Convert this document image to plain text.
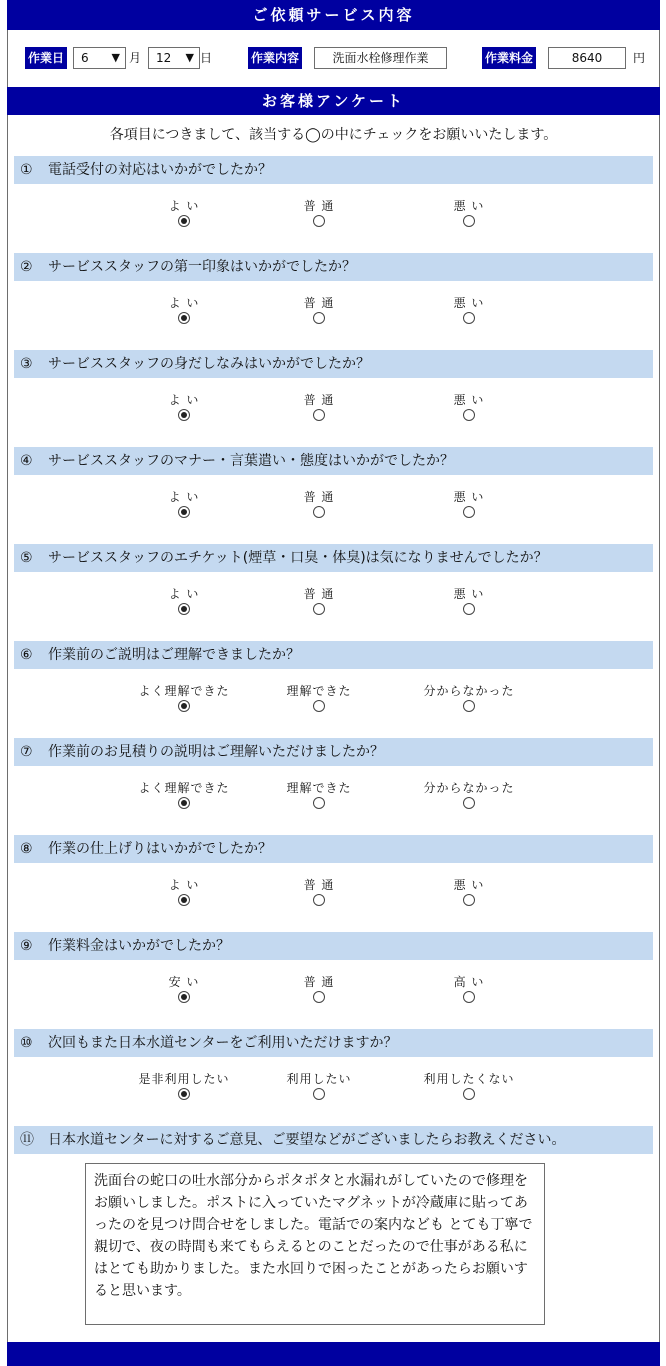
ご依頼サービス内容
作業日	6 ▼ 月	12 ▼ 日	作業内容	洗面水栓修理作業	作業料金	8640	円
お客様アンケート
各項目につきまして、該当する◯の中にチェックをお願いいたします。
① 電話受付の対応はいかがでしたか？
よ い	普 通	悪 い
② サービススタッフの第一印象はいかがでしたか？
よ い	普 通	悪 い
③ サービススタッフの身だしなみはいかがでしたか？
よ い	普 通	悪 い
④ サービススタッフのマナー・言葉遣い・態度はいかがでしたか？
よ い	普 通	悪 い
⑤ サービススタッフのエチケット(煙草・口臭・体臭)は気になりませんでしたか？
よ い	普 通	悪 い
⑥ 作業前のご説明はご理解できましたか？
よく理解できた	理解できた	分からなかった
⑦ 作業前のお見積りの説明はご理解いただけましたか？
よく理解できた	理解できた	分からなかった
⑧ 作業の仕上げりはいかがでしたか？
よ い	普 通	悪 い
⑨ 作業料金はいかがでしたか？
安 い	普 通	高 い
⑩ 次回もまた日本水道センターをご利用いただけますか？
是非利用したい	利用したい	利用したくない
⑪ 日本水道センターに対するご意見、ご要望などがございましたらお教えください。
洗面台の蛇口の吐水部分からポタポタと水漏れがしていたので修理をお願いしました。ポストに入っていたマグネットが冷蔵庫に貼ってあったのを見つけ問合せをしました。電話での案内なども とても丁寧で親切で、夜の時間も来てもらえるとのことだったので仕事がある私にはとても助かりました。また水回りで困ったことがあったらお願いすると思います。
